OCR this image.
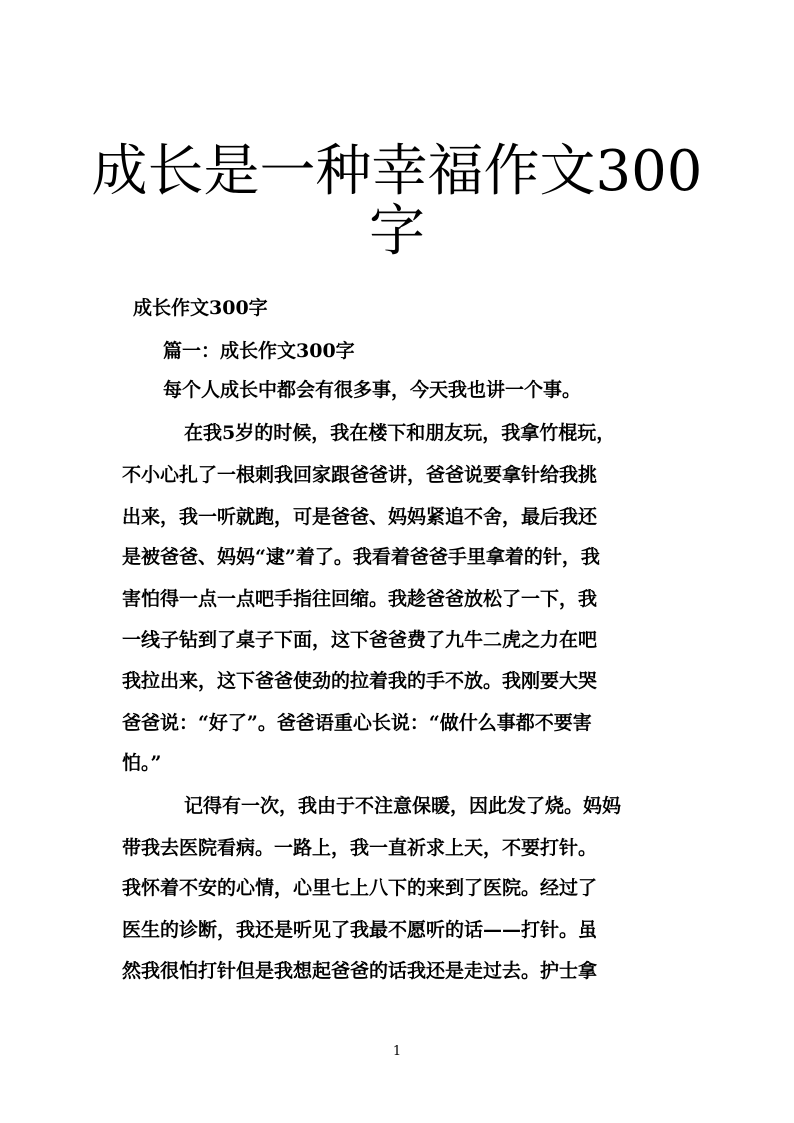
成长是一种幸福作文300
字

成长作文300字

篇一：成长作文300字

每个人成长中都会有很多事，今天我也讲一个事。

在我5岁的时候，我在楼下和朋友玩，我拿竹棍玩，

不小心扎了一根刺我回家跟爸爸讲，爸爸说要拿针给我挑

出来，我一听就跑，可是爸爸、妈妈紧追不舍，最后我还

是被爸爸、妈妈“逮”着了。我看着爸爸手里拿着的针，我

害怕得一点一点吧手指往回缩。我趁爸爸放松了一下，我

一线子钻到了桌子下面，这下爸爸费了九牛二虎之力在吧

我拉出来，这下爸爸使劲的拉着我的手不放。我刚要大哭

爸爸说：“好了”。爸爸语重心长说：“做什么事都不要害

怕。”

记得有一次，我由于不注意保暖，因此发了烧。妈妈

带我去医院看病。一路上，我一直祈求上天，不要打针。

我怀着不安的心情，心里七上八下的来到了医院。经过了

医生的诊断，我还是听见了我最不愿听的话——打针。虽

然我很怕打针但是我想起爸爸的话我还是走过去。护士拿

1
